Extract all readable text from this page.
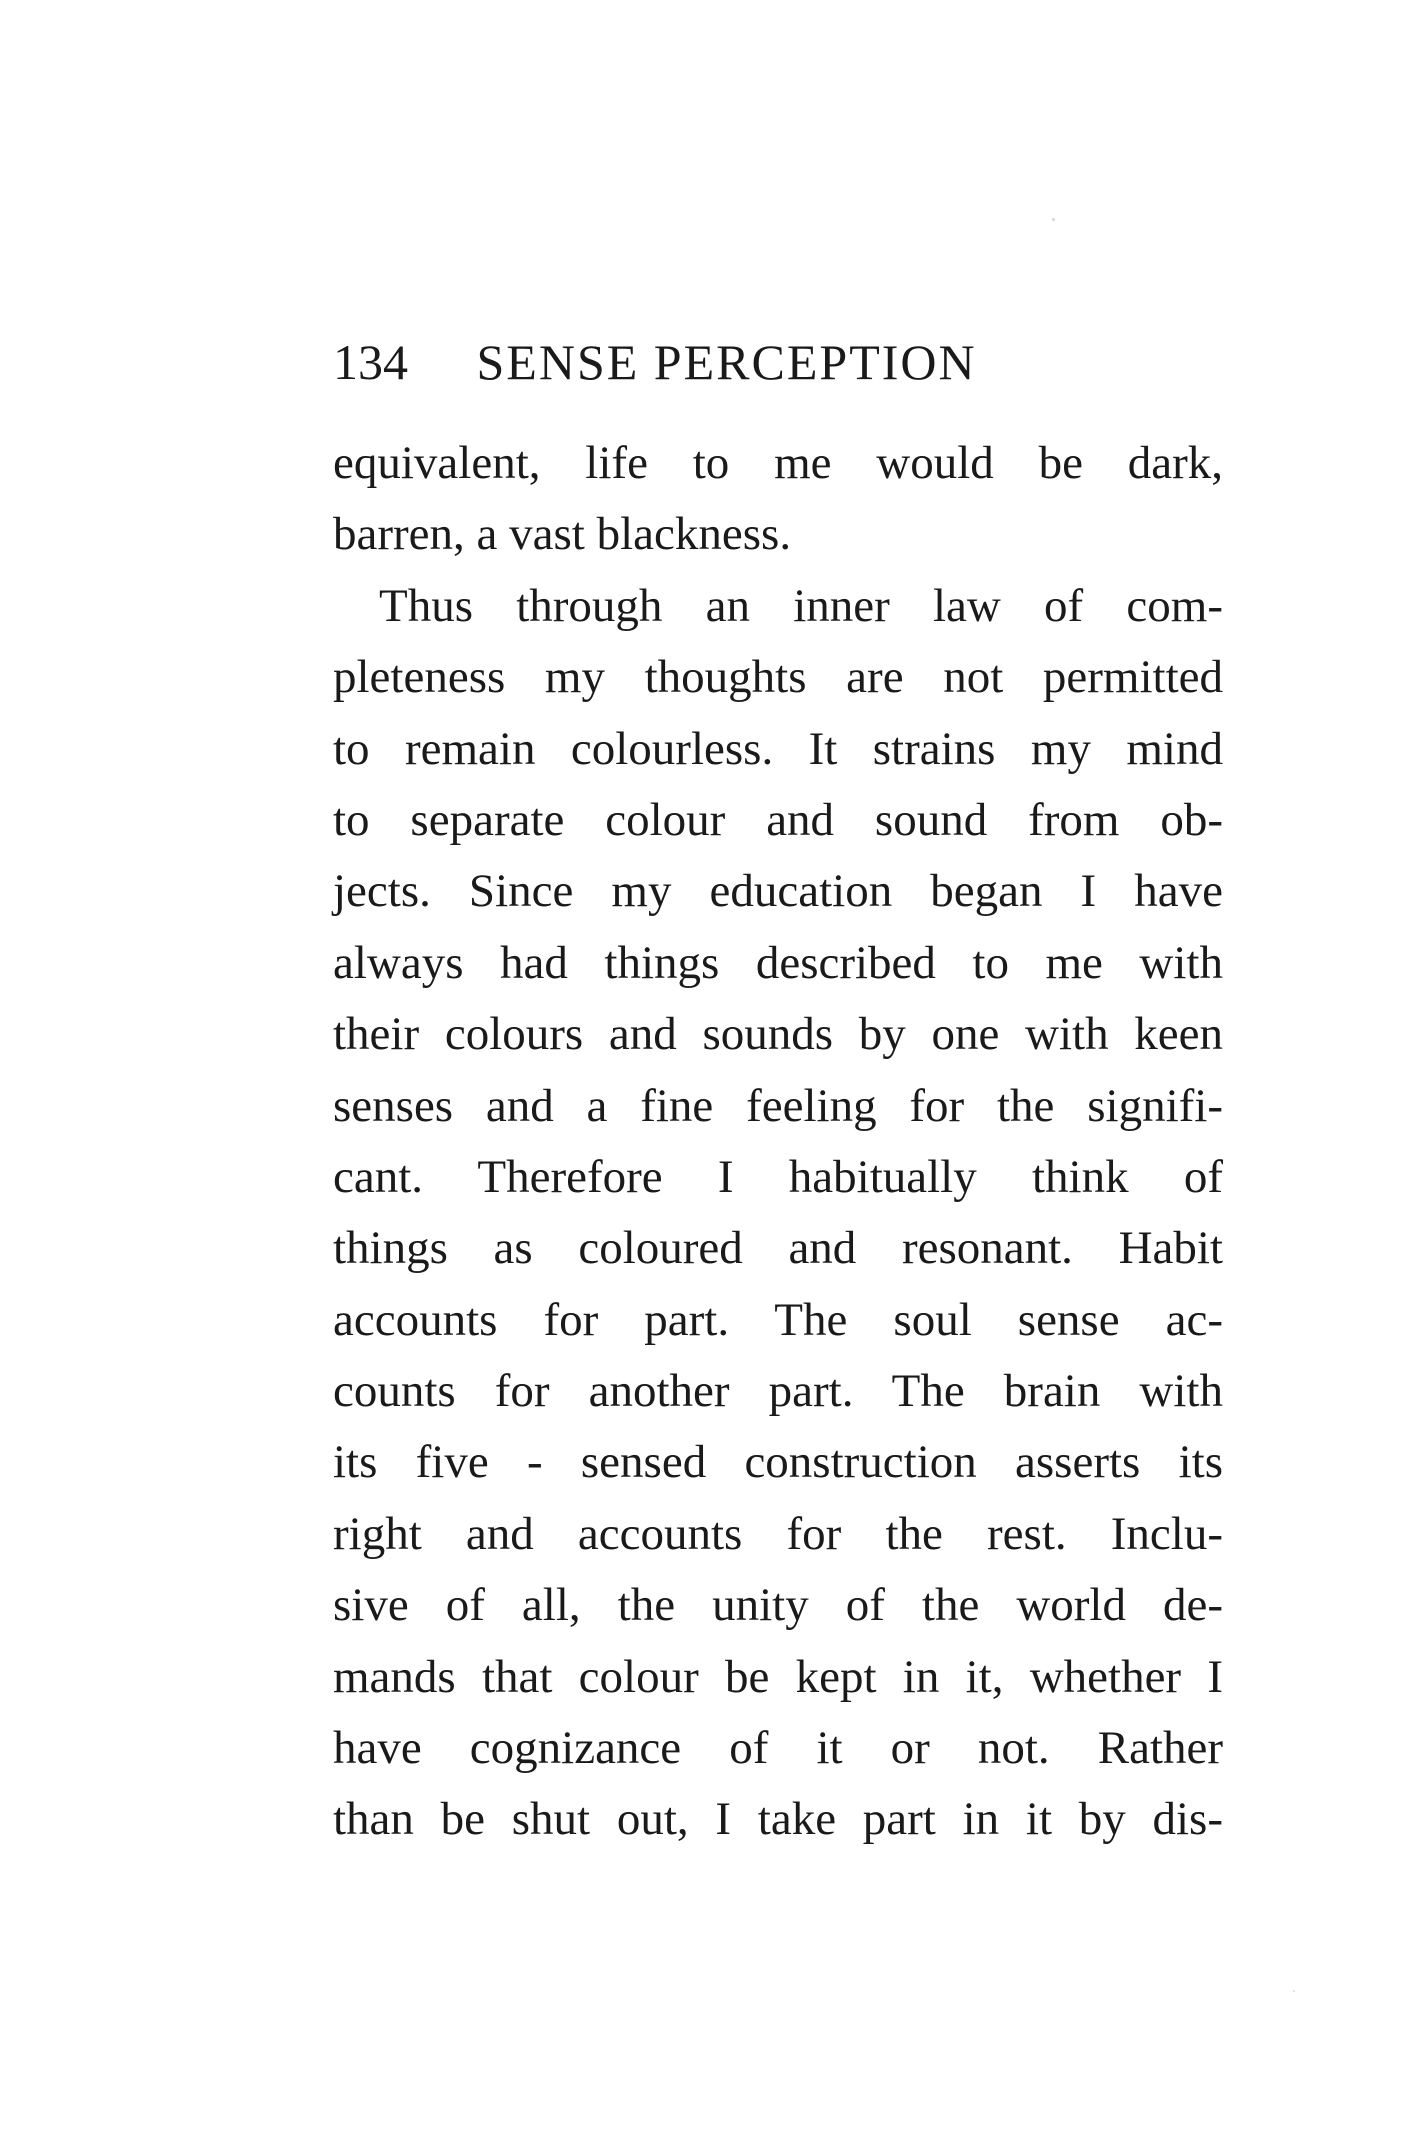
134 SENSE PERCEPTION
equivalent, life to me would be dark,
barren, a vast blackness.
Thus through an inner law of com-
pleteness my thoughts are not permitted
to remain colourless. It strains my mind
to separate colour and sound from ob-
jects. Since my education began I have
always had things described to me with
their colours and sounds by one with keen
senses and a fine feeling for the signifi-
cant. Therefore I habitually think of
things as coloured and resonant. Habit
accounts for part. The soul sense ac-
counts for another part. The brain with
its five - sensed construction asserts its
right and accounts for the rest. Inclu-
sive of all, the unity of the world de-
mands that colour be kept in it, whether I
have cognizance of it or not. Rather
than be shut out, I take part in it by dis-
